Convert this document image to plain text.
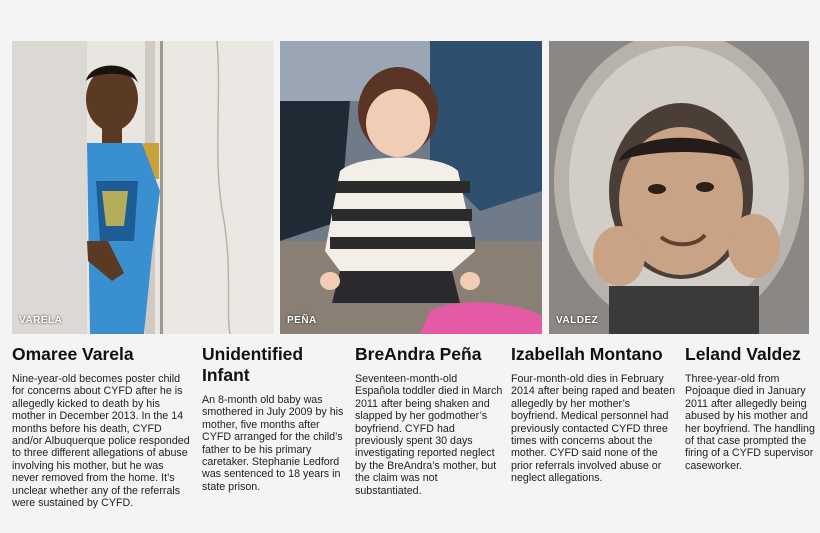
VARELA	PEÑA	VALDEZ
Omaree Varela

Nine-year-old becomes poster child for concerns about CYFD after he is allegedly kicked to death by his mother in December 2013. In the 14 months before his death, CYFD and/or Albuquerque police responded to three different allegations of abuse involving his mother, but he was never removed from the home. It’s unclear whether any of the referrals were sustained by CYFD.

Unidentified Infant

An 8-month old baby was smothered in July 2009 by his mother, five months after CYFD arranged for the child’s father to be his primary caretaker. Stephanie Ledford was sentenced to 18 years in state prison.

BreAndra Peña

Seventeen-month-old Española toddler died in March 2011 after being shaken and slapped by her godmother’s boyfriend. CYFD had previously spent 30 days investigating reported neglect by the BreAndra’s mother, but the claim was not substantiated.

Izabellah Montano

Four-month-old dies in February 2014 after being raped and beaten allegedly by her mother’s boyfriend. Medical personnel had previously contacted CYFD three times with concerns about the mother. CYFD said none of the prior referrals involved abuse or neglect allegations.

Leland Valdez

Three-year-old from Pojoaque died in January 2011 after allegedly being abused by his mother and her boyfriend. The handling of that case prompted the firing of a CYFD supervisor caseworker.
